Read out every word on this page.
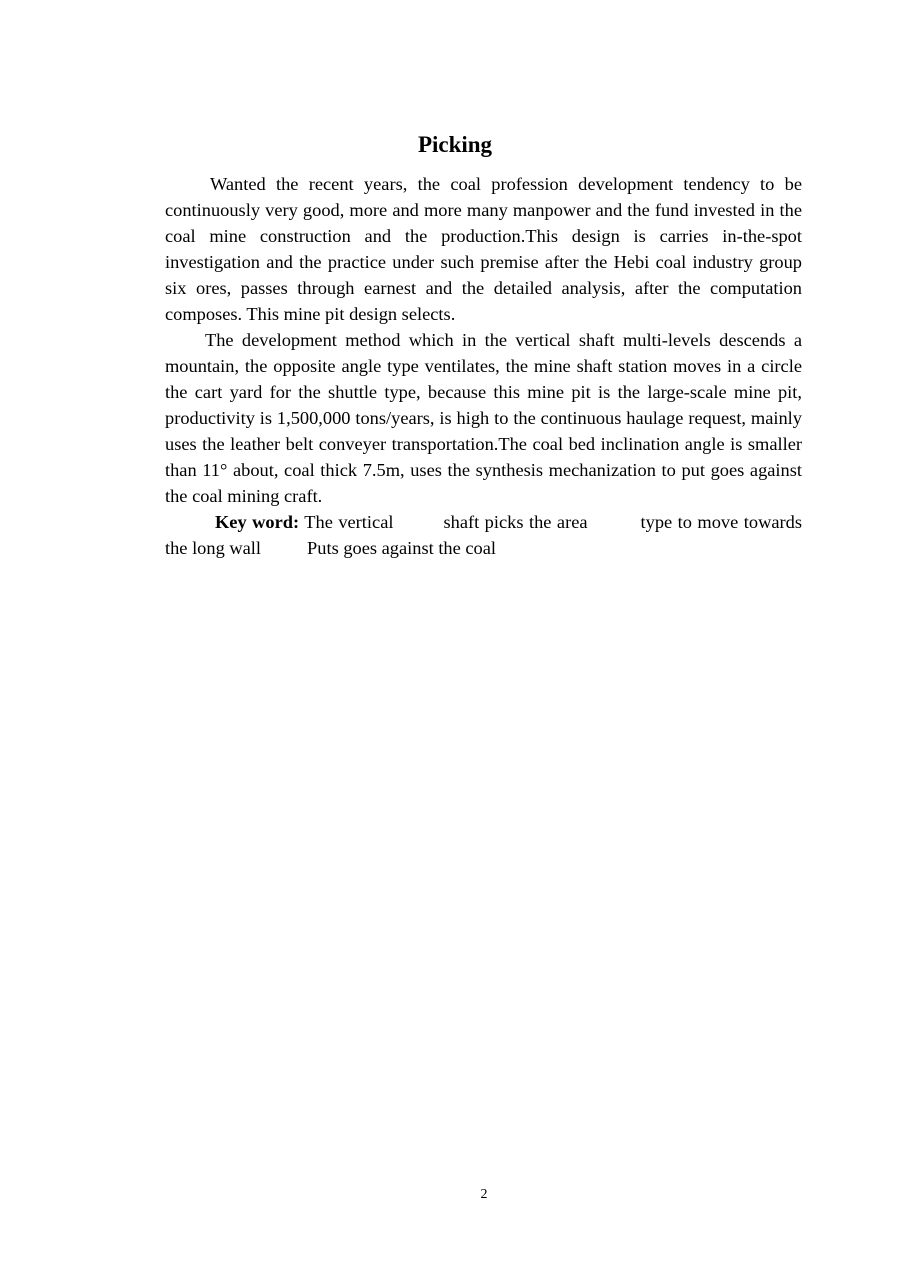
Picking

Wanted the recent years, the coal profession development tendency to be continuously very good, more and more many manpower and the fund invested in the coal mine construction and the production.This design is carries in-the-spot investigation and the practice under such premise after the Hebi coal industry group six ores, passes through earnest and the detailed analysis, after the computation composes. This mine pit design selects.

The development method which in the vertical shaft multi-levels descends a mountain, the opposite angle type ventilates, the mine shaft station moves in a circle the cart yard for the shuttle type, because this mine pit is the large-scale mine pit, productivity is 1,500,000 tons/years, is high to the continuous haulage request, mainly uses the leather belt conveyer transportation.The coal bed inclination angle is smaller than 11° about, coal thick 7.5m, uses the synthesis mechanization to put goes against the coal mining craft.

Key word: The vertical	shaft picks the area	type to move towards the long wall	Puts goes against the coal

2
